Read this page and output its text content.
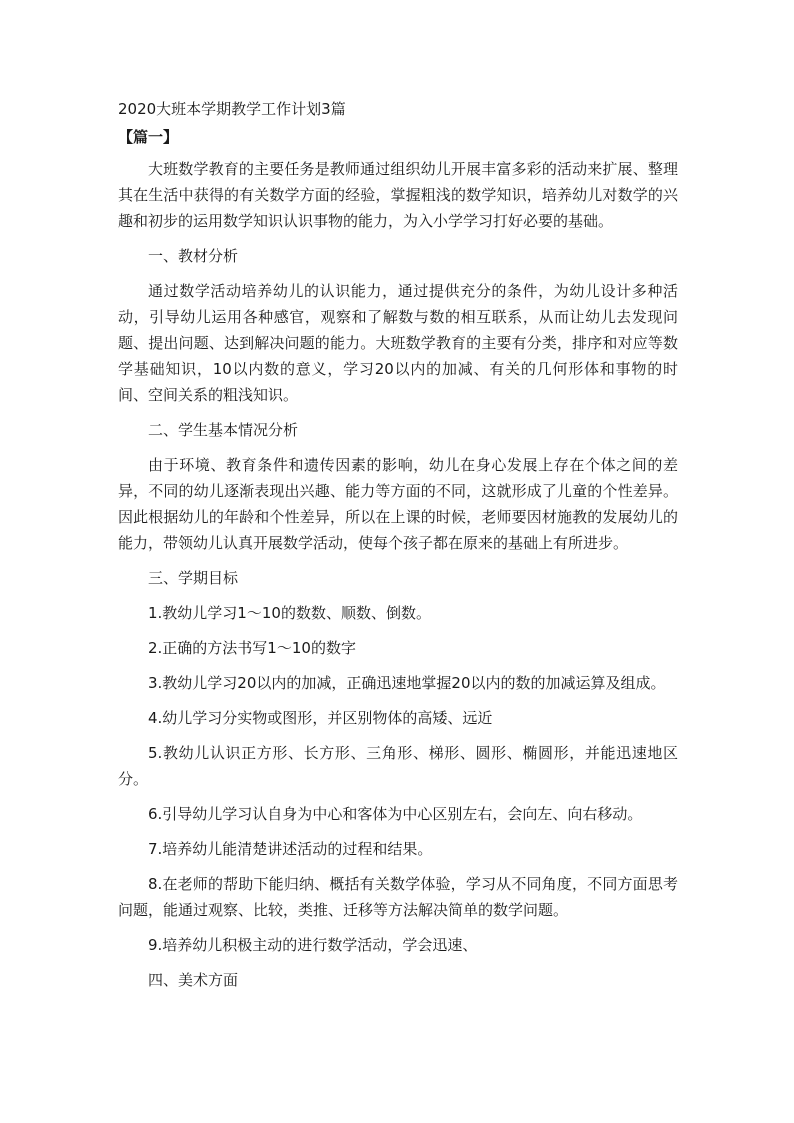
2020大班本学期教学工作计划3篇

【篇一】

大班数学教育的主要任务是教师通过组织幼儿开展丰富多彩的活动来扩展、整理其在生活中获得的有关数学方面的经验，掌握粗浅的数学知识，培养幼儿对数学的兴趣和初步的运用数学知识认识事物的能力，为入小学学习打好必要的基础。

一、教材分析

通过数学活动培养幼儿的认识能力，通过提供充分的条件，为幼儿设计多种活动，引导幼儿运用各种感官，观察和了解数与数的相互联系，从而让幼儿去发现问题、提出问题、达到解决问题的能力。大班数学教育的主要有分类，排序和对应等数学基础知识，10以内数的意义，学习20以内的加减、有关的几何形体和事物的时间、空间关系的粗浅知识。

二、学生基本情况分析

由于环境、教育条件和遗传因素的影响，幼儿在身心发展上存在个体之间的差异，不同的幼儿逐渐表现出兴趣、能力等方面的不同，这就形成了儿童的个性差异。因此根据幼儿的年龄和个性差异，所以在上课的时候，老师要因材施教的发展幼儿的能力，带领幼儿认真开展数学活动，使每个孩子都在原来的基础上有所进步。

三、学期目标

1.教幼儿学习1～10的数数、顺数、倒数。

2.正确的方法书写1～10的数字

3.教幼儿学习20以内的加减，正确迅速地掌握20以内的数的加减运算及组成。

4.幼儿学习分实物或图形，并区别物体的高矮、远近

5.教幼儿认识正方形、长方形、三角形、梯形、圆形、椭圆形，并能迅速地区分。

6.引导幼儿学习认自身为中心和客体为中心区别左右，会向左、向右移动。

7.培养幼儿能清楚讲述活动的过程和结果。

8.在老师的帮助下能归纳、概括有关数学体验，学习从不同角度，不同方面思考问题，能通过观察、比较，类推、迁移等方法解决简单的数学问题。

9.培养幼儿积极主动的进行数学活动，学会迅速、

四、美术方面
